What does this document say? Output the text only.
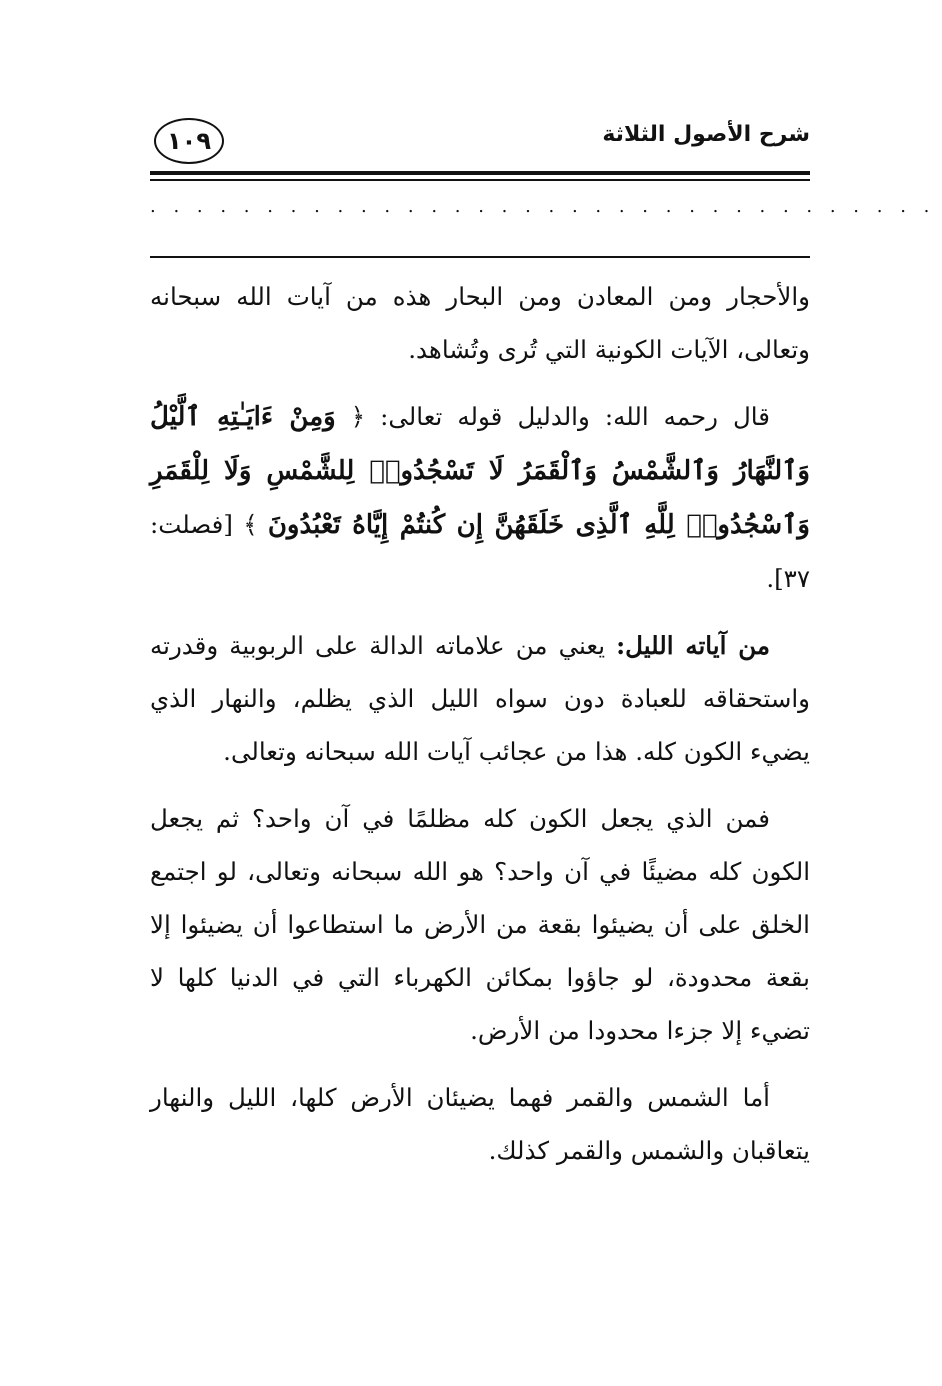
شرح الأصول الثلاثة
١٠٩
. . . . . . . . . . . . . . . . . . . . . . . . . . . . . . . . . .

والأحجار ومن المعادن ومن البحار هذه من آيات الله سبحانه وتعالى، الآيات الكونية التي تُرى وتُشاهد.

قال رحمه الله: والدليل قوله تعالى: ﴿ وَمِنْ ءَايَـٰتِهِ ٱلَّيْلُ وَٱلنَّهَارُ وَٱلشَّمْسُ وَٱلْقَمَرُ لَا تَسْجُدُوا۟ لِلشَّمْسِ وَلَا لِلْقَمَرِ وَٱسْجُدُوا۟ لِلَّهِ ٱلَّذِى خَلَقَهُنَّ إِن كُنتُمْ إِيَّاهُ تَعْبُدُونَ ﴾ [فصلت: ٣٧].

من آياته الليل: يعني من علاماته الدالة على الربوبية وقدرته واستحقاقه للعبادة دون سواه الليل الذي يظلم، والنهار الذي يضيء الكون كله. هذا من عجائب آيات الله سبحانه وتعالى.

فمن الذي يجعل الكون كله مظلمًا في آن واحد؟ ثم يجعل الكون كله مضيئًا في آن واحد؟ هو الله سبحانه وتعالى، لو اجتمع الخلق على أن يضيئوا بقعة من الأرض ما استطاعوا أن يضيئوا إلا بقعة محدودة، لو جاؤوا بمكائن الكهرباء التي في الدنيا كلها لا تضيء إلا جزءا محدودا من الأرض.

أما الشمس والقمر فهما يضيئان الأرض كلها، الليل والنهار يتعاقبان والشمس والقمر كذلك.
